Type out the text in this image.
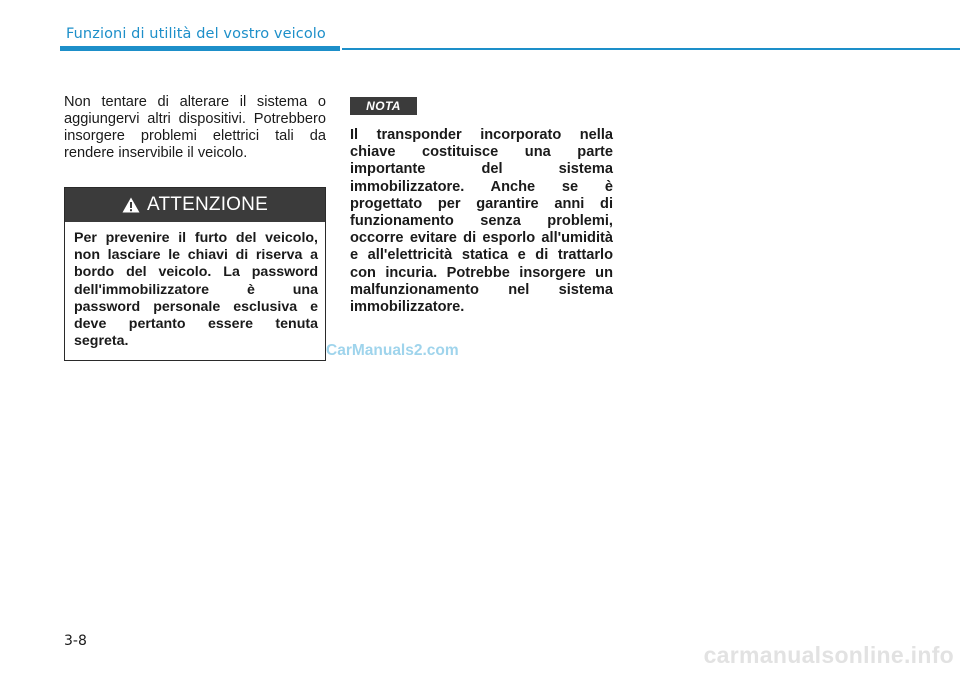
Funzioni di utilità del vostro veicolo

Non tentare di alterare il sistema o aggiungervi altri dispositivi. Potrebbero insorgere problemi elettrici tali da rendere inservibile il veicolo.

ATTENZIONE
Per prevenire il furto del veicolo, non lasciare le chiavi di riserva a bordo del veicolo. La password dell'immobilizzatore è una password personale esclusiva e deve pertanto essere tenuta segreta.
NOTA

Il transponder incorporato nella chiave costituisce una parte importante del sistema immobilizzatore. Anche se è progettato per garantire anni di funzionamento senza problemi, occorre evitare di esporlo all'umidità e all'elettricità statica e di trattarlo con incuria. Potrebbe insorgere un malfunzionamento nel sistema immobilizzatore.

CarManuals2.com
3-8
carmanualsonline.info
